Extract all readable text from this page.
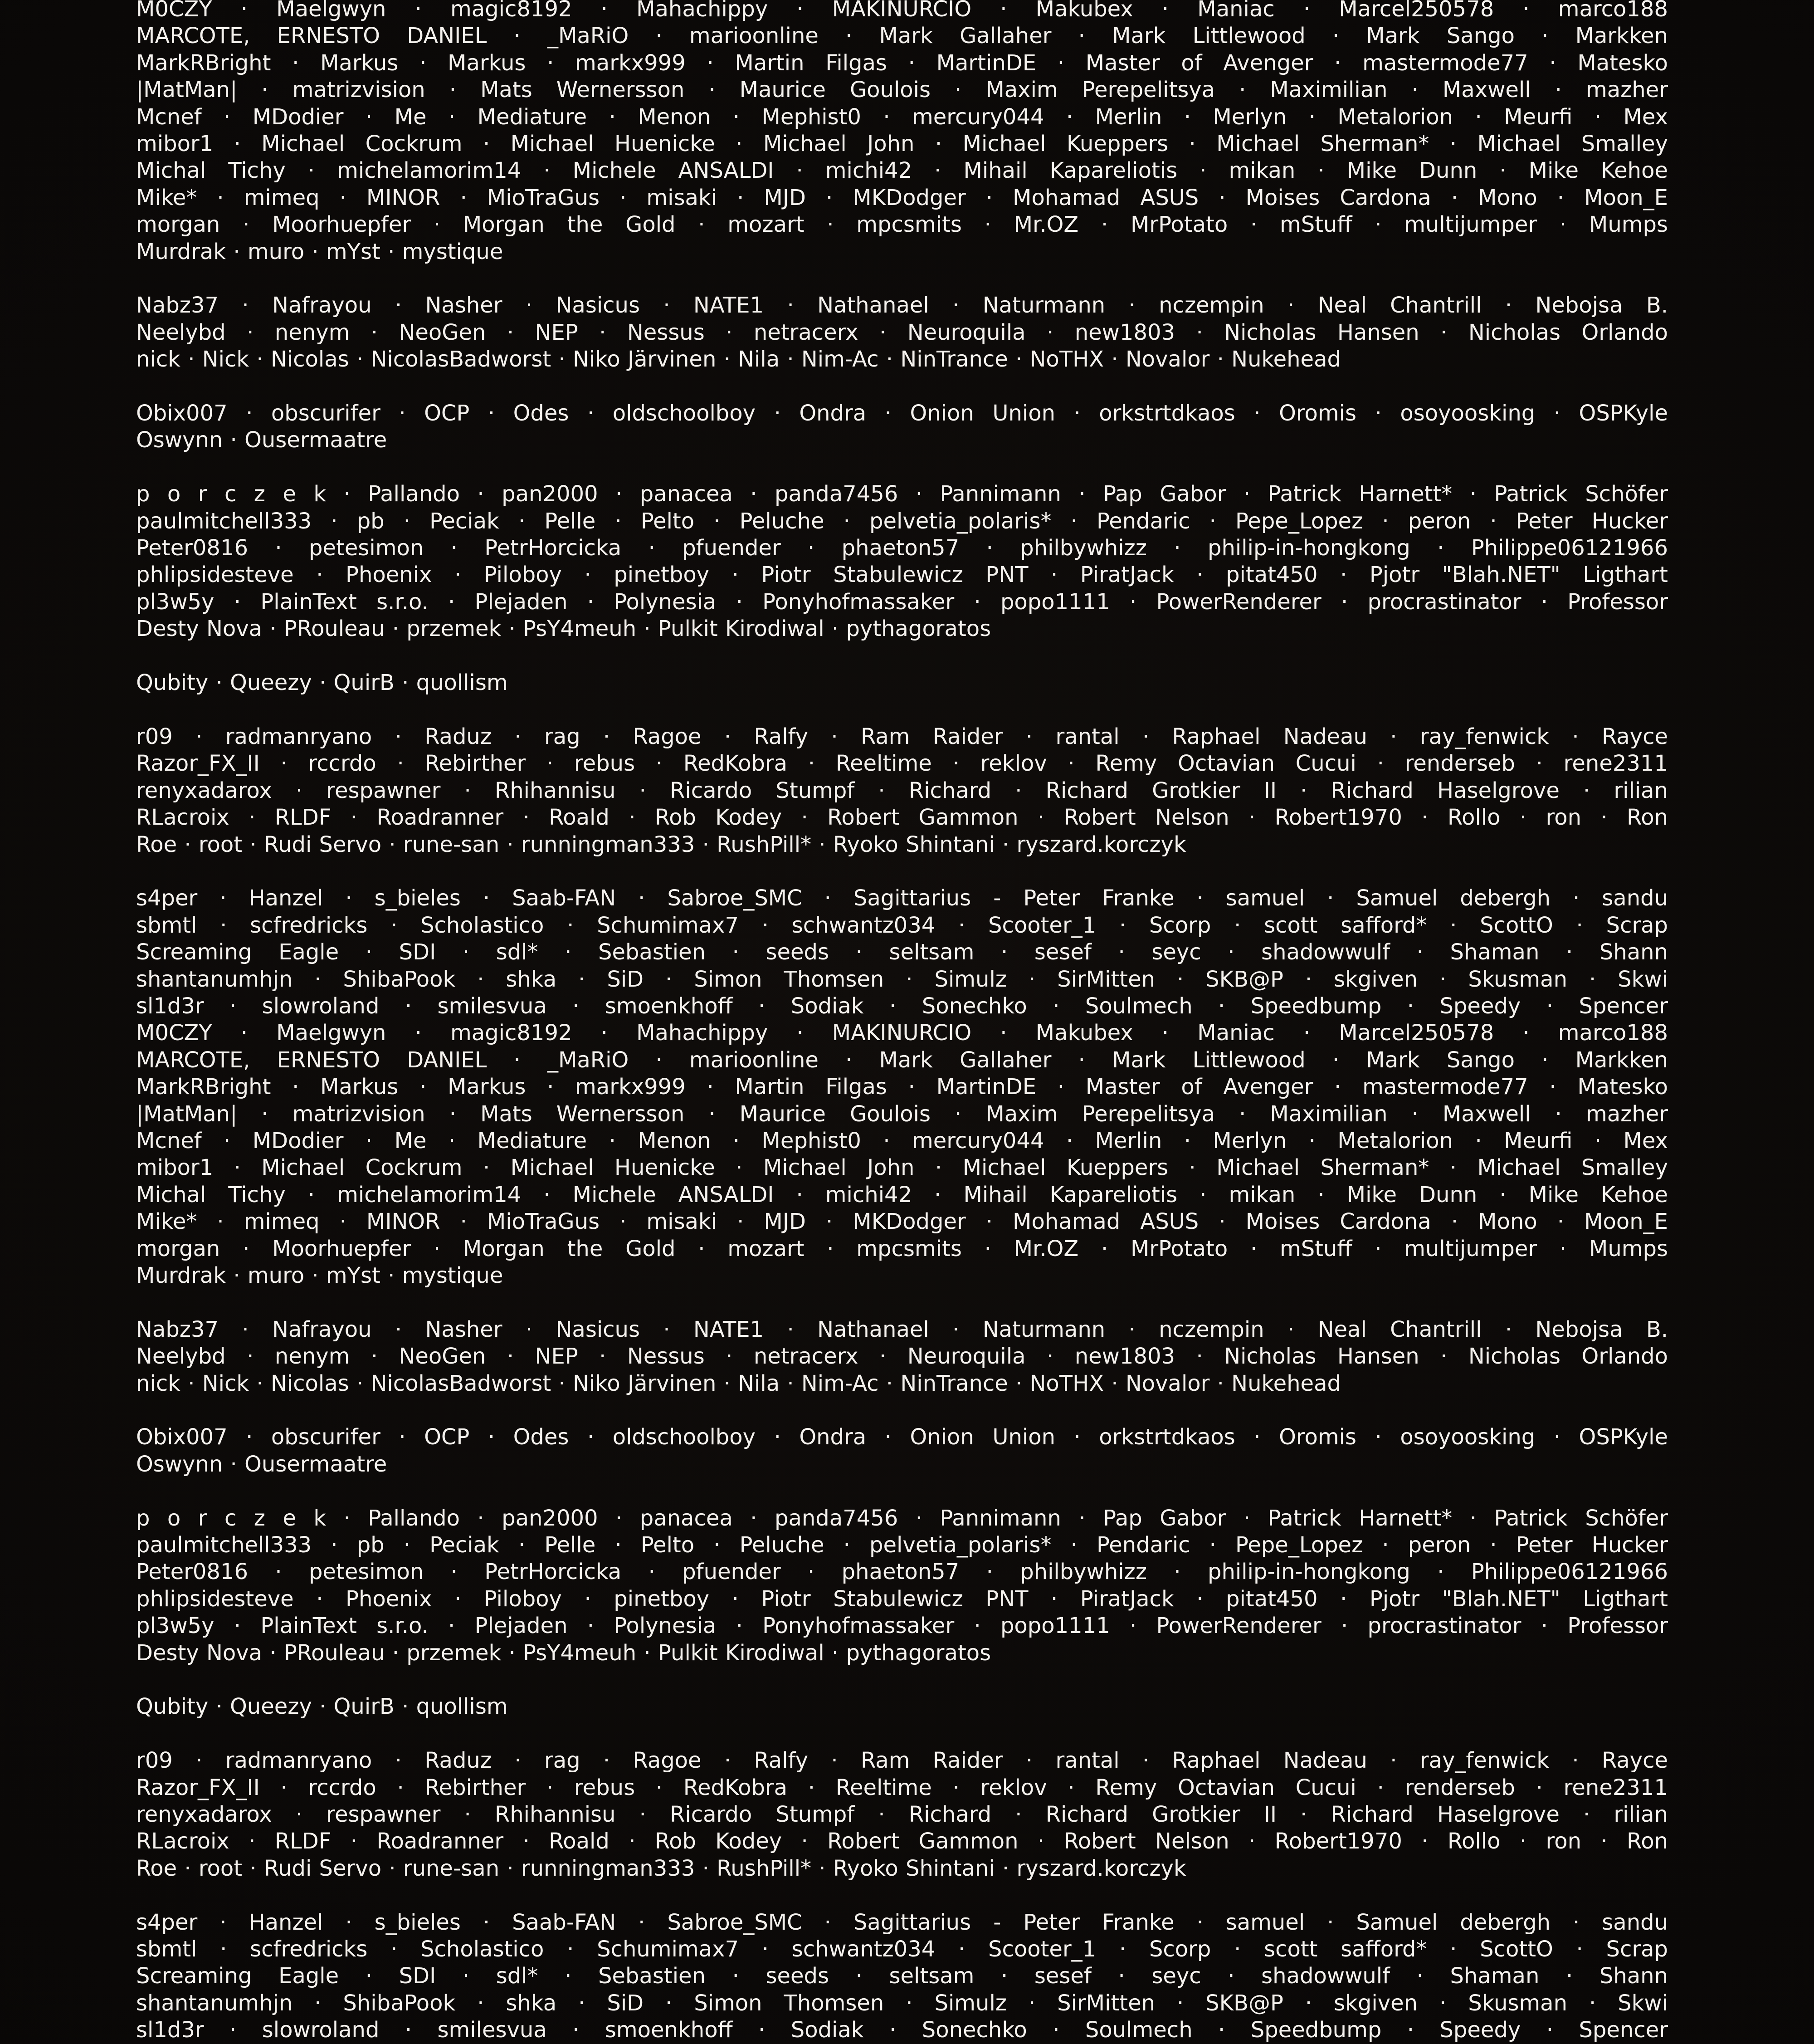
M0CZY · Maelgwyn · magic8192 · Mahachippy · MAKINURCIO · Makubex · Maniac · Marcel250578 · marco188
MARCOTE, ERNESTO DANIEL · _MaRiO · marioonline · Mark Gallaher · Mark Littlewood · Mark Sango · Markken
MarkRBright · Markus · Markus · markx999 · Martin Filgas · MartinDE · Master of Avenger · mastermode77 · Matesko
|MatMan| · matrizvision · Mats Wernersson · Maurice Goulois · Maxim Perepelitsya · Maximilian · Maxwell · mazher
Mcnef · MDodier · Me · Mediature · Menon · Mephist0 · mercury044 · Merlin · Merlyn · Metalorion · Meurfi · Mex
mibor1 · Michael Cockrum · Michael Huenicke · Michael John · Michael Kueppers · Michael Sherman* · Michael Smalley
Michal Tichy · michelamorim14 · Michele ANSALDI · michi42 · Mihail Kapareliotis · mikan · Mike Dunn · Mike Kehoe
Mike* · mimeq · MINOR · MioTraGus · misaki · MJD · MKDodger · Mohamad ASUS · Moises Cardona · Mono · Moon_E
morgan · Moorhuepfer · Morgan the Gold · mozart · mpcsmits · Mr.OZ · MrPotato · mStuff · multijumper · Mumps
Murdrak · muro · mYst · mystique
Nabz37 · Nafrayou · Nasher · Nasicus · NATE1 · Nathanael · Naturmann · nczempin · Neal Chantrill · Nebojsa B.
Neelybd · nenym · NeoGen · NEP · Nessus · netracerx · Neuroquila · new1803 · Nicholas Hansen · Nicholas Orlando
nick · Nick · Nicolas · NicolasBadworst · Niko Järvinen · Nila · Nim-Ac · NinTrance · NoTHX · Novalor · Nukehead
Obix007 · obscurifer · OCP · Odes · oldschoolboy · Ondra · Onion Union · orkstrtdkaos · Oromis · osoyoosking · OSPKyle
Oswynn · Ousermaatre
p o r c z e k · Pallando · pan2000 · panacea · panda7456 · Pannimann · Pap Gabor · Patrick Harnett* · Patrick Schöfer
paulmitchell333 · pb · Peciak · Pelle · Pelto · Peluche · pelvetia_polaris* · Pendaric · Pepe_Lopez · peron · Peter Hucker
Peter0816 · petesimon · PetrHorcicka · pfuender · phaeton57 · philbywhizz · philip-in-hongkong · Philippe06121966
phlipsidesteve · Phoenix · Piloboy · pinetboy · Piotr Stabulewicz PNT · PiratJack · pitat450 · Pjotr "Blah.NET" Ligthart
pl3w5y · PlainText s.r.o. · Plejaden · Polynesia · Ponyhofmassaker · popo1111 · PowerRenderer · procrastinator · Professor
Desty Nova · PRouleau · przemek · PsY4meuh · Pulkit Kirodiwal · pythagoratos
Qubity · Queezy · QuirB · quollism
r09 · radmanryano · Raduz · rag · Ragoe · Ralfy · Ram Raider · rantal · Raphael Nadeau · ray_fenwick · Rayce
Razor_FX_II · rccrdo · Rebirther · rebus · RedKobra · Reeltime · reklov · Remy Octavian Cucui · renderseb · rene2311
renyxadarox · respawner · Rhihannisu · Ricardo Stumpf · Richard · Richard Grotkier II · Richard Haselgrove · rilian
RLacroix · RLDF · Roadranner · Roald · Rob Kodey · Robert Gammon · Robert Nelson · Robert1970 · Rollo · ron · Ron
Roe · root · Rudi Servo · rune-san · runningman333 · RushPill* · Ryoko Shintani · ryszard.korczyk
s4per · Hanzel · s_bieles · Saab-FAN · Sabroe_SMC · Sagittarius - Peter Franke · samuel · Samuel debergh · sandu
sbmtl · scfredricks · Scholastico · Schumimax7 · schwantz034 · Scooter_1 · Scorp · scott safford* · ScottO · Scrap
Screaming Eagle · SDI · sdl* · Sebastien · seeds · seltsam · sesef · seyc · shadowwulf · Shaman · Shann
shantanumhjn · ShibaPook · shka · SiD · Simon Thomsen · Simulz · SirMitten · SKB@P · skgiven · Skusman · Skwi
sl1d3r · slowroland · smilesvua · smoenkhoff · Sodiak · Sonechko · Soulmech · Speedbump · Speedy · Spencer
M0CZY · Maelgwyn · magic8192 · Mahachippy · MAKINURCIO · Makubex · Maniac · Marcel250578 · marco188
MARCOTE, ERNESTO DANIEL · _MaRiO · marioonline · Mark Gallaher · Mark Littlewood · Mark Sango · Markken
MarkRBright · Markus · Markus · markx999 · Martin Filgas · MartinDE · Master of Avenger · mastermode77 · Matesko
|MatMan| · matrizvision · Mats Wernersson · Maurice Goulois · Maxim Perepelitsya · Maximilian · Maxwell · mazher
Mcnef · MDodier · Me · Mediature · Menon · Mephist0 · mercury044 · Merlin · Merlyn · Metalorion · Meurfi · Mex
mibor1 · Michael Cockrum · Michael Huenicke · Michael John · Michael Kueppers · Michael Sherman* · Michael Smalley
Michal Tichy · michelamorim14 · Michele ANSALDI · michi42 · Mihail Kapareliotis · mikan · Mike Dunn · Mike Kehoe
Mike* · mimeq · MINOR · MioTraGus · misaki · MJD · MKDodger · Mohamad ASUS · Moises Cardona · Mono · Moon_E
morgan · Moorhuepfer · Morgan the Gold · mozart · mpcsmits · Mr.OZ · MrPotato · mStuff · multijumper · Mumps
Murdrak · muro · mYst · mystique
Nabz37 · Nafrayou · Nasher · Nasicus · NATE1 · Nathanael · Naturmann · nczempin · Neal Chantrill · Nebojsa B.
Neelybd · nenym · NeoGen · NEP · Nessus · netracerx · Neuroquila · new1803 · Nicholas Hansen · Nicholas Orlando
nick · Nick · Nicolas · NicolasBadworst · Niko Järvinen · Nila · Nim-Ac · NinTrance · NoTHX · Novalor · Nukehead
Obix007 · obscurifer · OCP · Odes · oldschoolboy · Ondra · Onion Union · orkstrtdkaos · Oromis · osoyoosking · OSPKyle
Oswynn · Ousermaatre
p o r c z e k · Pallando · pan2000 · panacea · panda7456 · Pannimann · Pap Gabor · Patrick Harnett* · Patrick Schöfer
paulmitchell333 · pb · Peciak · Pelle · Pelto · Peluche · pelvetia_polaris* · Pendaric · Pepe_Lopez · peron · Peter Hucker
Peter0816 · petesimon · PetrHorcicka · pfuender · phaeton57 · philbywhizz · philip-in-hongkong · Philippe06121966
phlipsidesteve · Phoenix · Piloboy · pinetboy · Piotr Stabulewicz PNT · PiratJack · pitat450 · Pjotr "Blah.NET" Ligthart
pl3w5y · PlainText s.r.o. · Plejaden · Polynesia · Ponyhofmassaker · popo1111 · PowerRenderer · procrastinator · Professor
Desty Nova · PRouleau · przemek · PsY4meuh · Pulkit Kirodiwal · pythagoratos
Qubity · Queezy · QuirB · quollism
r09 · radmanryano · Raduz · rag · Ragoe · Ralfy · Ram Raider · rantal · Raphael Nadeau · ray_fenwick · Rayce
Razor_FX_II · rccrdo · Rebirther · rebus · RedKobra · Reeltime · reklov · Remy Octavian Cucui · renderseb · rene2311
renyxadarox · respawner · Rhihannisu · Ricardo Stumpf · Richard · Richard Grotkier II · Richard Haselgrove · rilian
RLacroix · RLDF · Roadranner · Roald · Rob Kodey · Robert Gammon · Robert Nelson · Robert1970 · Rollo · ron · Ron
Roe · root · Rudi Servo · rune-san · runningman333 · RushPill* · Ryoko Shintani · ryszard.korczyk
s4per · Hanzel · s_bieles · Saab-FAN · Sabroe_SMC · Sagittarius - Peter Franke · samuel · Samuel debergh · sandu
sbmtl · scfredricks · Scholastico · Schumimax7 · schwantz034 · Scooter_1 · Scorp · scott safford* · ScottO · Scrap
Screaming Eagle · SDI · sdl* · Sebastien · seeds · seltsam · sesef · seyc · shadowwulf · Shaman · Shann
shantanumhjn · ShibaPook · shka · SiD · Simon Thomsen · Simulz · SirMitten · SKB@P · skgiven · Skusman · Skwi
sl1d3r · slowroland · smilesvua · smoenkhoff · Sodiak · Sonechko · Soulmech · Speedbump · Speedy · Spencer
